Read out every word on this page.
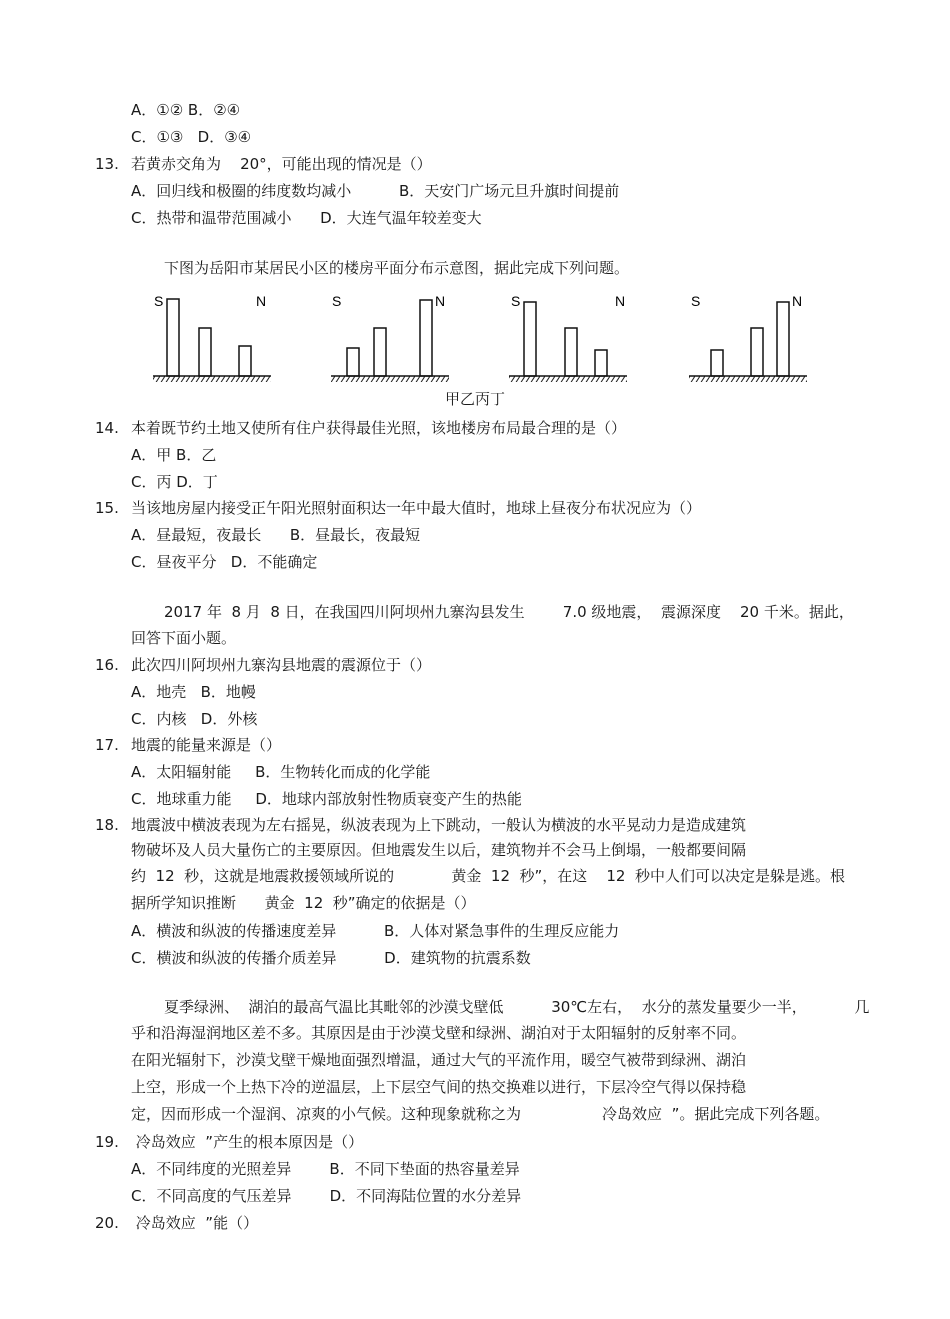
A．①② B．②④
C．①③   D．③④
13. 若黄赤交角为    20°，可能出现的情况是（）
A．回归线和极圈的纬度数均减小          B．天安门广场元旦升旗时间提前
C．热带和温带范围减小      D．大连气温年较差变大
下图为岳阳市某居民小区的楼房平面分布示意图，据此完成下列问题。
S	N	S	N	S	N	S	N
甲乙丙丁
14. 本着既节约土地又使所有住户获得最佳光照，该地楼房布局最合理的是（）
A．甲 B．乙
C．丙 D．丁
15. 当该地房屋内接受正午阳光照射面积达一年中最大值时，地球上昼夜分布状况应为（）
A．昼最短，夜最长      B．昼最长，夜最短
C．昼夜平分   D．不能确定
2017 年  8 月  8 日，在我国四川阿坝州九寨沟县发生        7.0 级地震，  震源深度    20 千米。据此，
回答下面小题。
16. 此次四川阿坝州九寨沟县地震的震源位于（）
A．地壳   B．地幔
C．内核   D．外核
17. 地震的能量来源是（）
A．太阳辐射能     B．生物转化而成的化学能
C．地球重力能     D．地球内部放射性物质衰变产生的热能
18. 地震波中横波表现为左右摇晃，纵波表现为上下跳动，一般认为横波的水平晃动力是造成建筑
物破坏及人员大量伤亡的主要原因。但地震发生以后，建筑物并不会马上倒塌，一般都要间隔
约  12  秒，这就是地震救援领域所说的            黄金  12  秒”，在这    12  秒中人们可以决定是躲是逃。根
据所学知识推断      黄金  12  秒”确定的依据是（）
A．横波和纵波的传播速度差异          B．人体对紧急事件的生理反应能力
C．横波和纵波的传播介质差异          D．建筑物的抗震系数
夏季绿洲、  湖泊的最高气温比其毗邻的沙漠戈壁低          30℃左右，  水分的蒸发量要少一半，          几
乎和沿海湿润地区差不多。其原因是由于沙漠戈壁和绿洲、湖泊对于太阳辐射的反射率不同。
在阳光辐射下，沙漠戈壁干燥地面强烈增温，通过大气的平流作用，暖空气被带到绿洲、湖泊
上空，形成一个上热下冷的逆温层，上下层空气间的热交换难以进行，下层冷空气得以保持稳
定，因而形成一个湿润、凉爽的小气候。这种现象就称之为                 冷岛效应  ”。据此完成下列各题。
19. 冷岛效应  ”产生的根本原因是（）
A．不同纬度的光照差异        B．不同下垫面的热容量差异
C．不同高度的气压差异        D．不同海陆位置的水分差异
20. 冷岛效应  ”能（）
